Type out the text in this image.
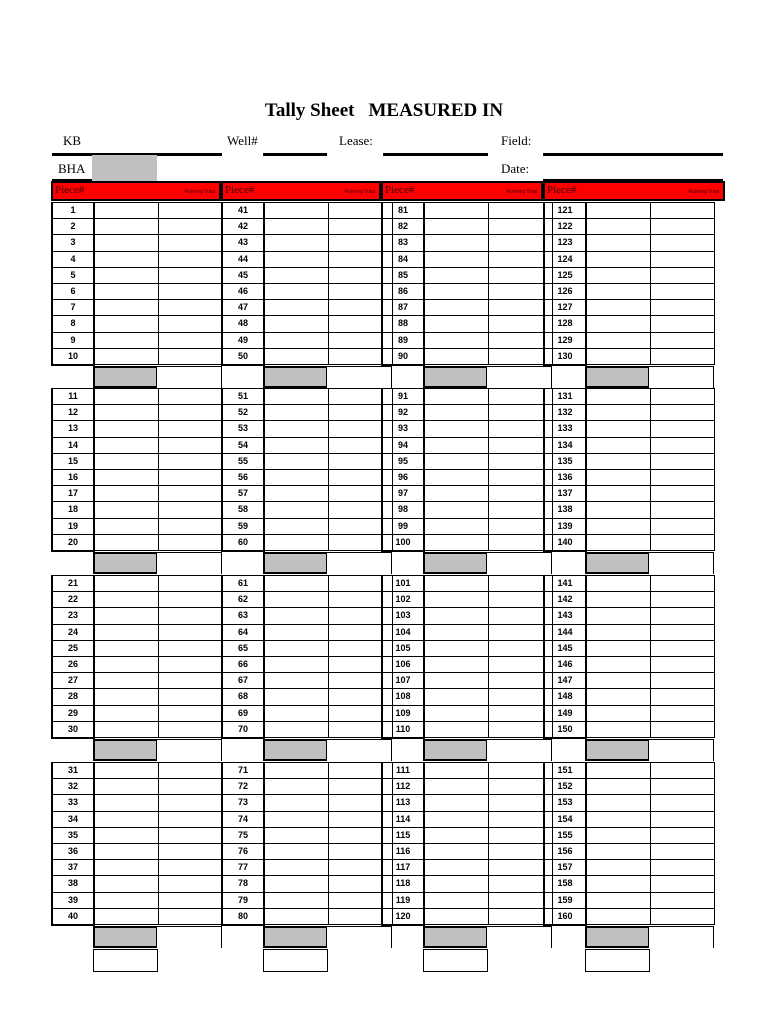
Tally Sheet MEASURED IN
KB	Well#	Lease:	Field:
BHA	Date:
Piece#	Running Total
1		
2		
3		
4		
5		
6		
7		
8		
9		
10		
11		
12		
13		
14		
15		
16		
17		
18		
19		
20		
21		
22		
23		
24		
25		
26		
27		
28		
29		
30		
31		
32		
33		
34		
35		
36		
37		
38		
39		
40		
Piece#	Running Total
41		
42		
43		
44		
45		
46		
47		
48		
49		
50		
51		
52		
53		
54		
55		
56		
57		
58		
59		
60		
61		
62		
63		
64		
65		
66		
67		
68		
69		
70		
71		
72		
73		
74		
75		
76		
77		
78		
79		
80		
Piece#	Running Total
81		
82		
83		
84		
85		
86		
87		
88		
89		
90		
91		
92		
93		
94		
95		
96		
97		
98		
99		
100		
101		
102		
103		
104		
105		
106		
107		
108		
109		
110		
111		
112		
113		
114		
115		
116		
117		
118		
119		
120		
Piece#	Running Total
121		
122		
123		
124		
125		
126		
127		
128		
129		
130		
131		
132		
133		
134		
135		
136		
137		
138		
139		
140		
141		
142		
143		
144		
145		
146		
147		
148		
149		
150		
151		
152		
153		
154		
155		
156		
157		
158		
159		
160		
